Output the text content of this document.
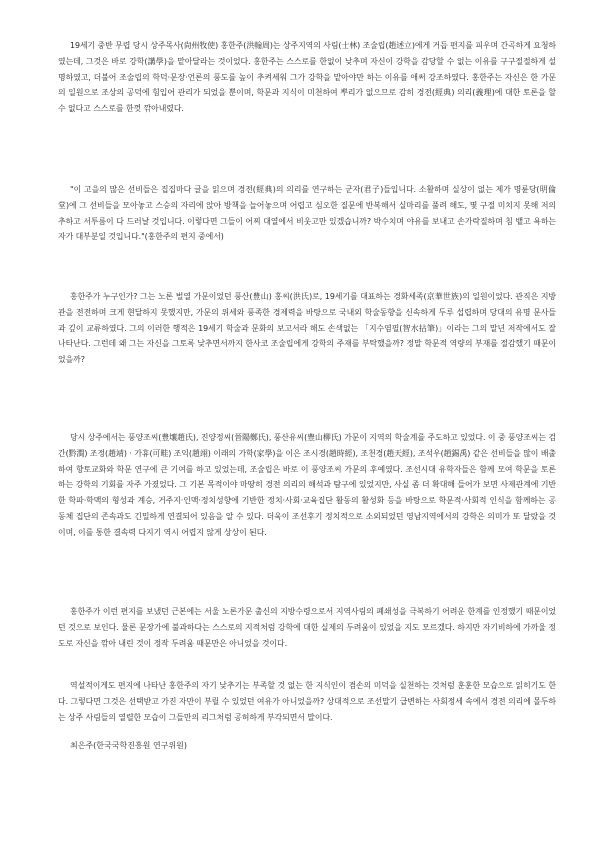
19세기 중반 무렵 당시 상주목사(尙州牧使) 홍한주(洪翰周)는 상주지역의 사림(士林) 조술립(趙述立)에게 거듭 편지를 피우며 간곡하게 요청하였는데, 그것은 바로 강학(講學)을 맡아달라는 것이었다. 홍한주는 스스로를 한없이 낮추며 자신이 강학을 감당할 수 없는 이유를 구구절절하게 설명하였고, 더불어 조술립의 학덕·문장·언론의 풍도를 높이 추켜세워 그가 강학을 맡아야만 하는 이유를 애써 강조하였다. 홍한주는 자신은 한 가문의 일원으로 조상의 공덕에 힘입어 관리가 되었을 뿐이며, 학문과 지식이 미천하여 뿌리가 없으므로 감히 경전(經典) 의리(義理)에 대한 토론을 할 수 없다고 스스로를 한껏 깎아내렸다.

"이 고을의 많은 선비들은 집집마다 글을 읽으며 경전(經典)의 의리를 연구하는 군자(君子)들입니다. 소활하며 실상이 없는 제가 명륜당(明倫堂)에 그 선비들을 모아놓고 스승의 자리에 앉아 방책을 늘어놓으며 어렵고 심오한 질문에 반복해서 실마리를 풀려 해도, 몇 구절 미치지 못해 저의 추하고 서투름이 다 드러날 것입니다. 이렇다면 그들이 어찌 대열에서 비웃고만 있겠습니까? 박수치며 야유를 보내고 손가락질하며 침 뱉고 욕하는 자가 대부분일 것입니다."(홍한주의 편지 중에서)

홍한주가 누구인가? 그는 노론 벌열 가문이었던 풍산(豊山) 홍씨(洪氏)로, 19세기를 대표하는 경화세족(京華世族)의 일원이었다. 관직은 지방관을 전전하며 크게 현달하지 못했지만, 가문의 위세와 풍족한 경제력을 바탕으로 국내외 학술동향을 신속하게 두루 섭렵하며 당대의 유명 문사들과 깊이 교류하였다. 그의 이러한 행적은 19세기 학술과 문화의 보고서라 해도 손색없는 「지수염필(智水拈筆)」이라는 그의 말년 저작에서도 잘 나타난다. 그런데 왜 그는 자신을 그토록 낮추면서까지 한사코 조술립에게 강학의 주재를 부탁했을까? 정말 학문적 역량의 부재를 절감했기 때문이었을까?

당시 상주에서는 풍양조씨(豊壤趙氏), 진양정씨(晉陽鄭氏), 풍산유씨(豊山柳氏) 가문이 지역의 학술계를 주도하고 있었다. 이 중 풍양조씨는 검간(黔澗) 조정(趙靖) · 가휴(可畦) 조익(趙翊) 이래의 가학(家學)을 이은 조시경(趙時經), 조천경(趙天經), 조석우(趙錫禹) 같은 선비들을 많이 배출하여 향토교화와 학문 연구에 큰 기여를 하고 있었는데, 조술립은 바로 이 풍양조씨 가문의 후예였다. 조선시대 유학자들은 함께 모여 학문을 토론하는 강학의 기회를 자주 가졌었다. 그 기본 목적이야 마땅히 경전 의리의 해석과 탐구에 있었지만, 사실 좀 더 확대해 들어가 보면 사제관계에 기반한 학파·학맥의 형성과 계승, 거주지·인맥·정치성향에 기반한 정치·사회·교육집단 활동의 활성화 등을 바탕으로 학문적·사회적 인식을 함께하는 공동체 집단의 존속과도 긴밀하게 연결되어 있음을 알 수 있다. 더욱이 조선후기 정치적으로 소외되었던 영남지역에서의 강학은 의미가 또 달랐을 것이며, 이를 통한 결속력 다지기 역시 어렵지 않게 상상이 된다.

홍한주가 이런 편지를 보냈던 근본에는 서울 노론가문 출신의 지방수령으로서 지역사림의 폐쇄성을 극복하기 어려운 한계를 인정했기 때문이었던 것으로 보인다. 물론 문장가에 불과하다는 스스로의 지적처럼 강학에 대한 실제의 두려움이 있었을 지도 모르겠다. 하지만 자기비하에 가까울 정도로 자신을 깎아 내린 것이 정작 두려움 때문만은 아니었을 것이다.

역설적이게도 편지에 나타난 홍한주의 자기 낮추기는 부족할 것 없는 한 지식인이 겸손의 미덕을 실천하는 것처럼 훈훈한 모습으로 읽히기도 한다. 그렇다면 그것은 선택받고 가진 자만이 부릴 수 있었던 여유가 아니었을까? 상대적으로 조선말기 급변하는 사회정세 속에서 경전 의리에 몰두하는 상주 사림들의 열렬한 모습이 그들만의 리그처럼 공허하게 부각되면서 말이다.

최은주(한국국학진흥원 연구위원)
